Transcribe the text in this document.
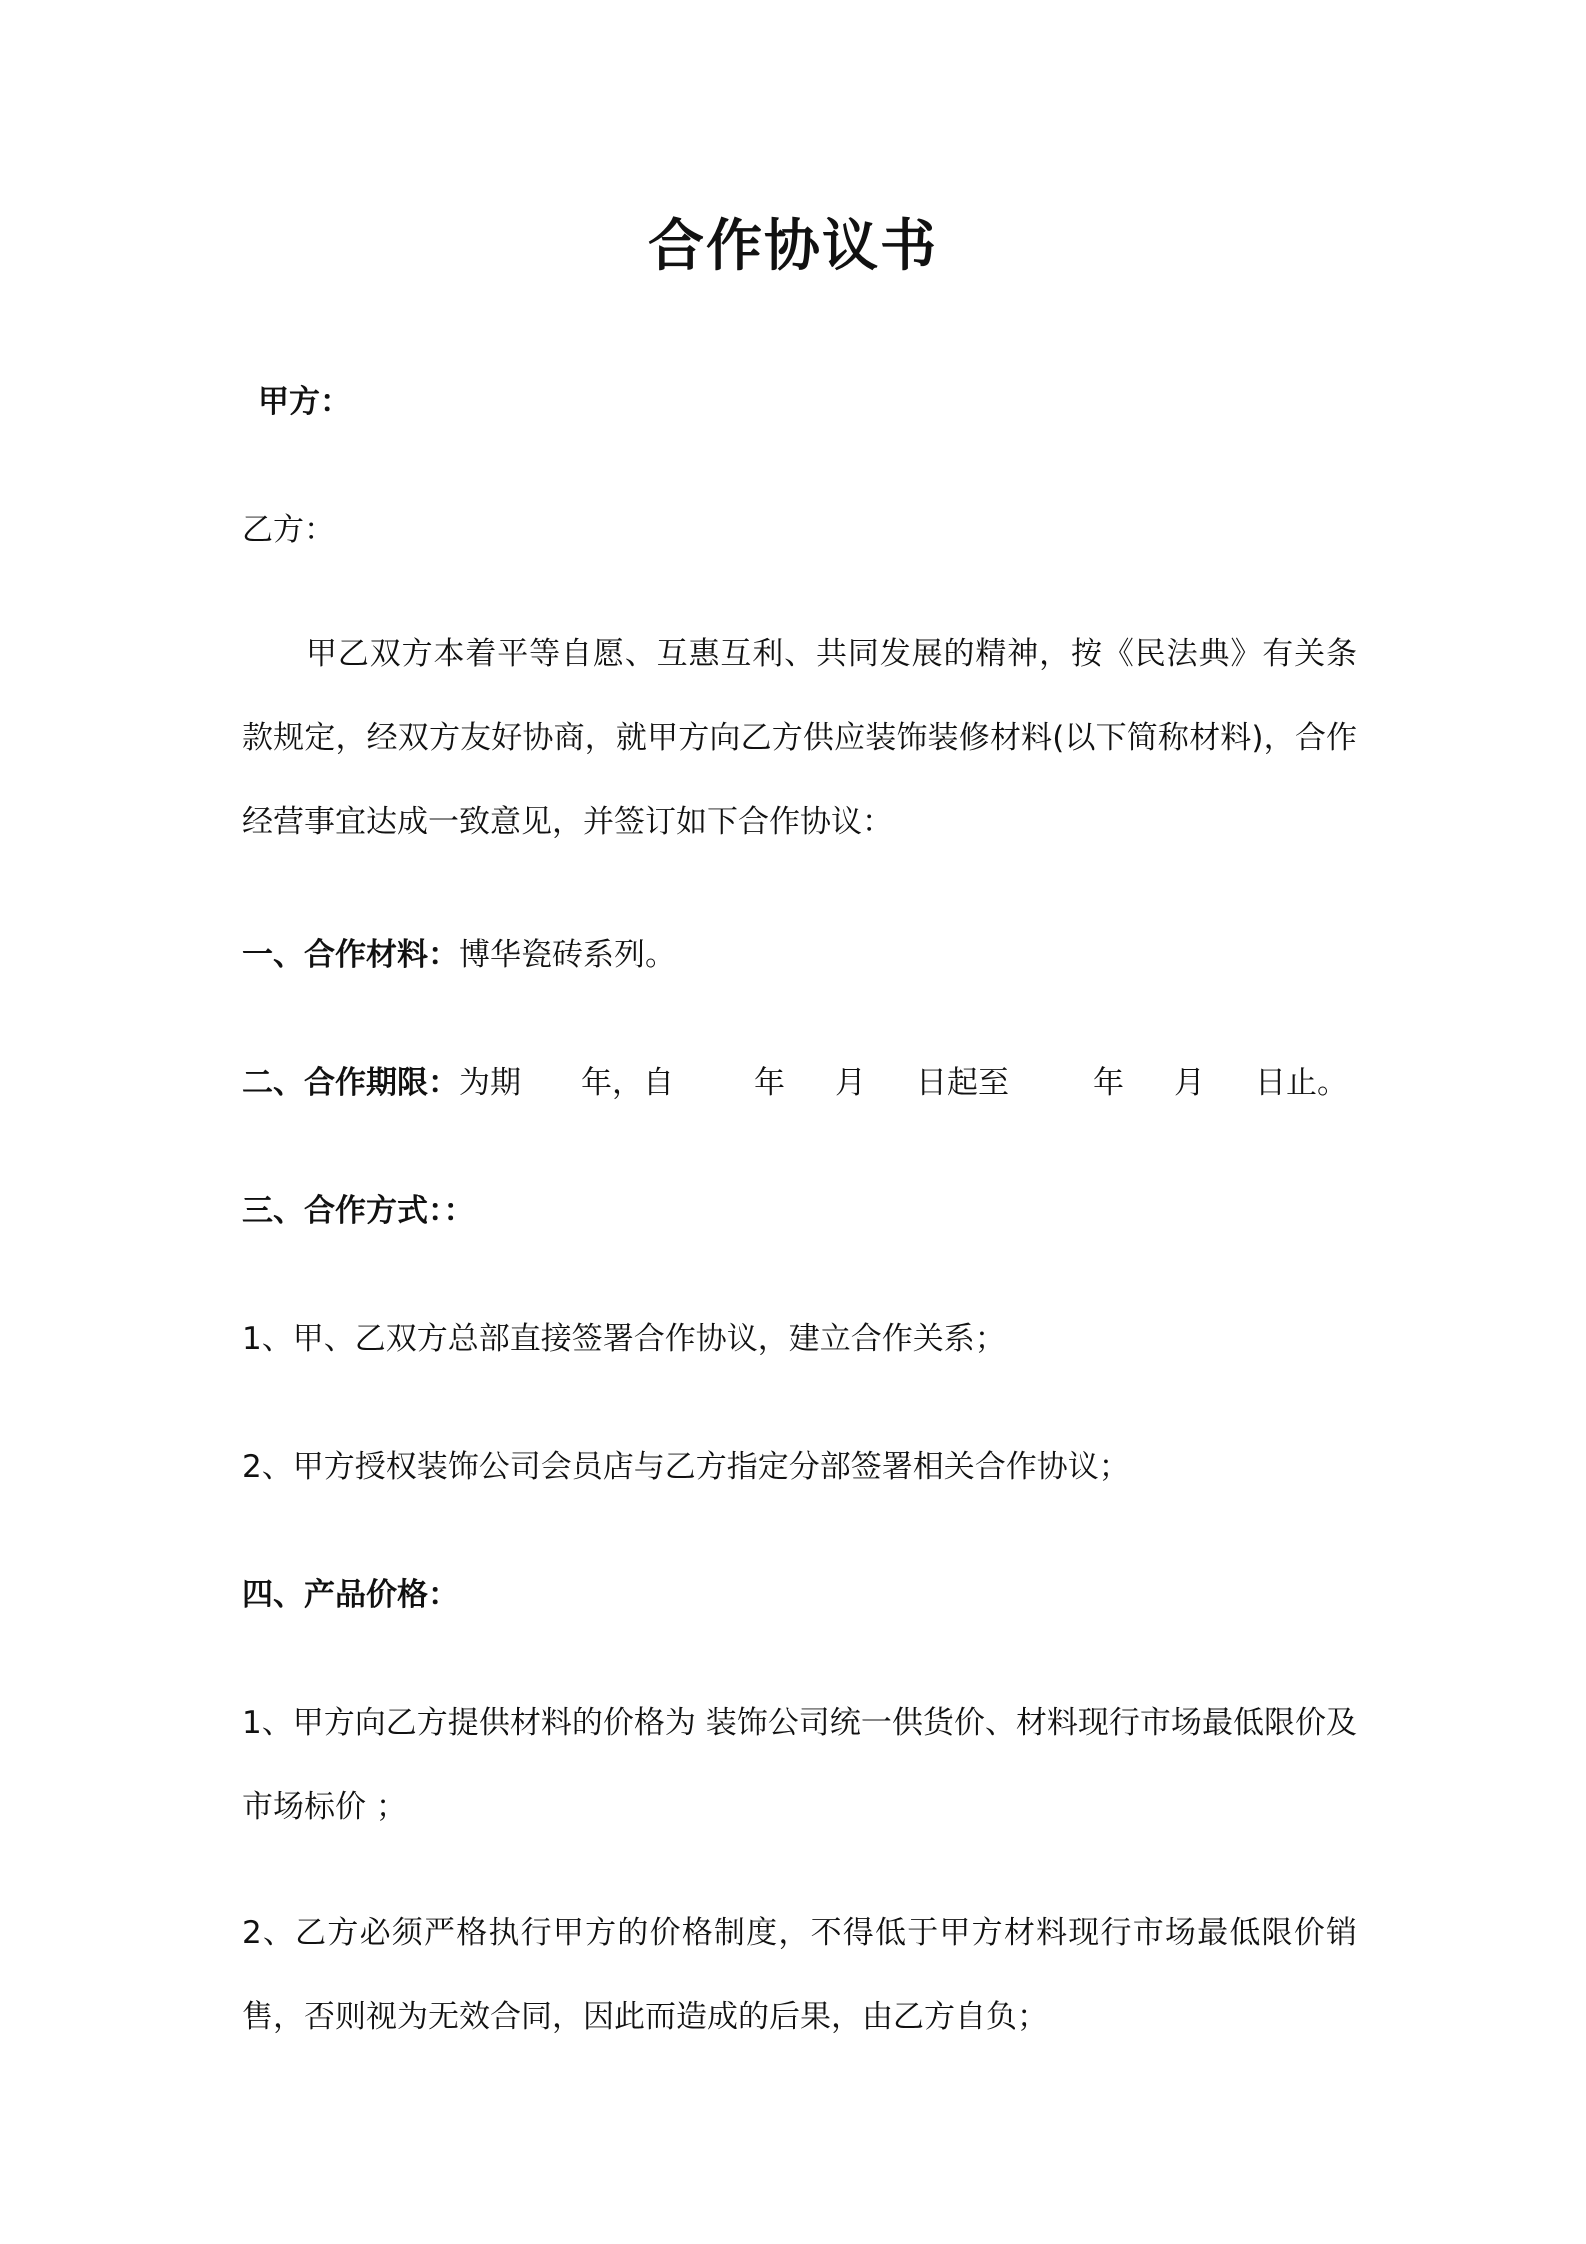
合作协议书
甲方：
乙方：
甲乙双方本着平等自愿、互惠互利、共同发展的精神，按《民法典》有关条款规定，经双方友好协商，就甲方向乙方供应装饰装修材料(以下简称材料)，合作经营事宜达成一致意见，并签订如下合作协议：
一、合作材料：博华瓷砖系列。
二、合作期限：为期 年，自	年 月 日起至	年 月 日止。
三、合作方式：：
1、甲、乙双方总部直接签署合作协议，建立合作关系；
2、甲方授权装饰公司会员店与乙方指定分部签署相关合作协议；
四、产品价格：
1、甲方向乙方提供材料的价格为 装饰公司统一供货价、材料现行市场最低限价及市场标价 ；
2、乙方必须严格执行甲方的价格制度，不得低于甲方材料现行市场最低限价销售，否则视为无效合同，因此而造成的后果，由乙方自负；
